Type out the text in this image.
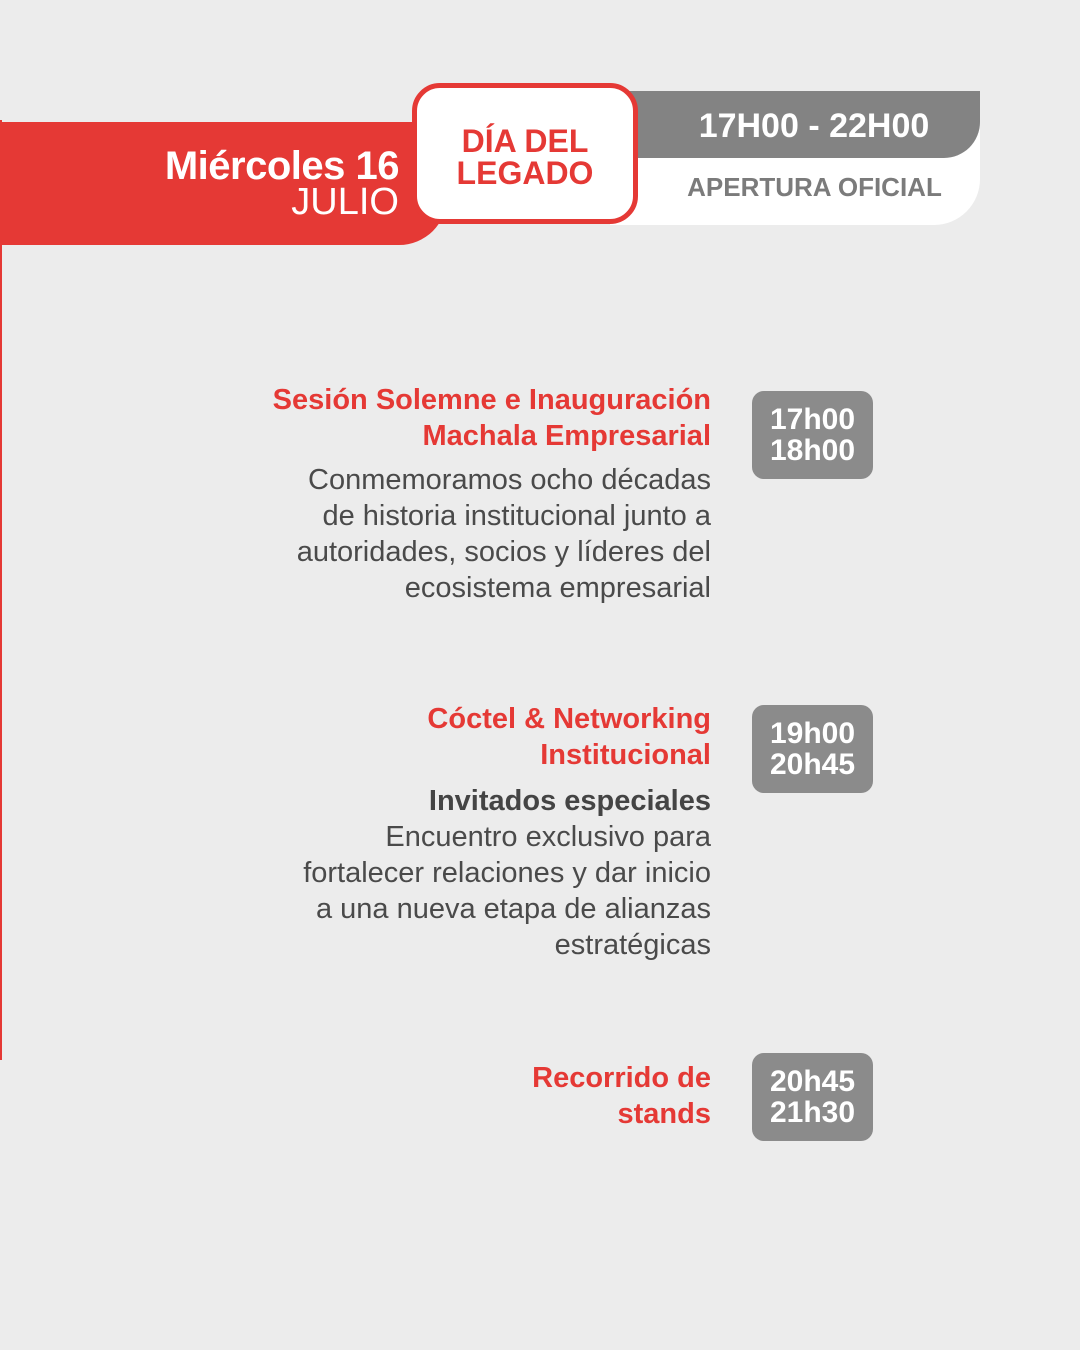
Miércoles 16
JULIO
17H00 - 22H00
APERTURA OFICIAL
DÍA DEL
LEGADO
Sesión Solemne e Inauguración
Machala Empresarial
Conmemoramos ocho décadas
de historia institucional junto a
autoridades, socios y líderes del
ecosistema empresarial
17h00
18h00
Cóctel & Networking
Institucional
Invitados especiales
Encuentro exclusivo para
fortalecer relaciones y dar inicio
a una nueva etapa de alianzas
estratégicas
19h00
20h45
Recorrido de
stands
20h45
21h30
